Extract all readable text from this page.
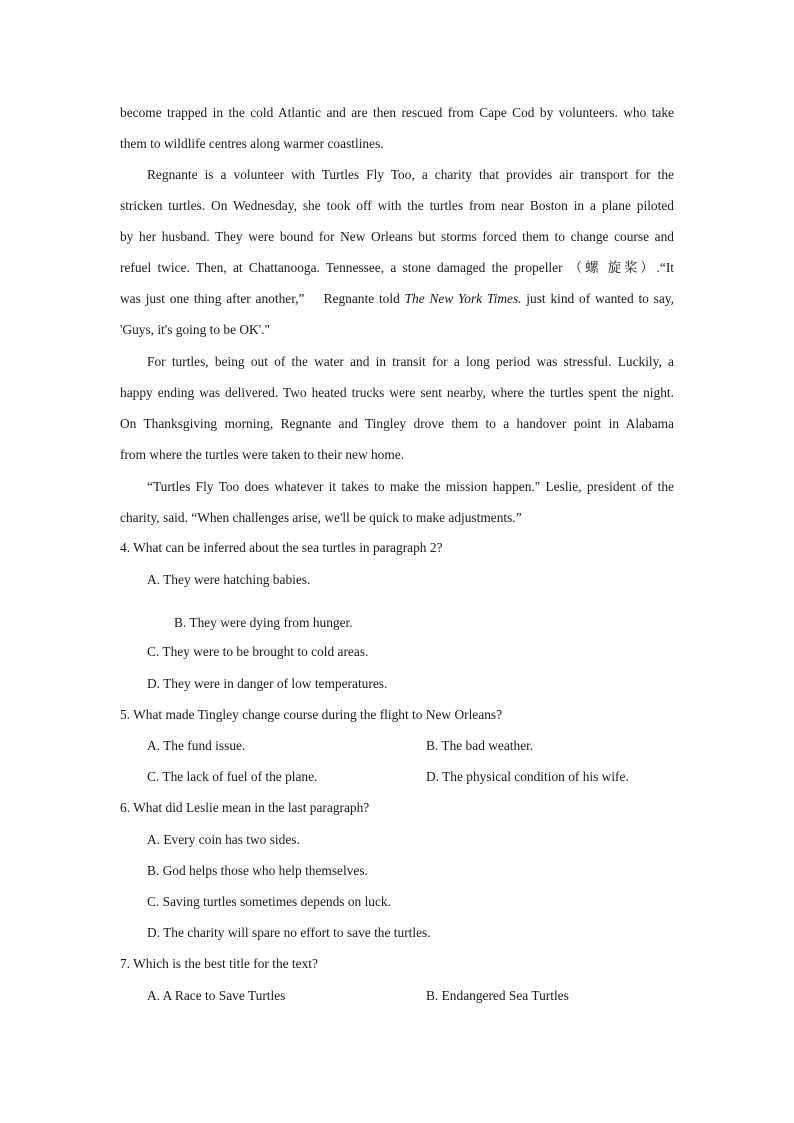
become trapped in the cold Atlantic and are then rescued from Cape Cod by volunteers. who take
them to wildlife centres along warmer coastlines.
Regnante is a volunteer with Turtles Fly Too, a charity that provides air transport for the
stricken turtles. On Wednesday, she took off with the turtles from near Boston in a plane piloted
by her husband. They were bound for New Orleans but storms forced them to change course and
refuel twice. Then, at Chattanooga. Tennessee, a stone damaged the propeller （螺 旋桨）.“It
was just one thing after another,”    Regnante told The New York Times. just kind of wanted to say,
'Guys, it's going to be OK'."
For turtles, being out of the water and in transit for a long period was stressful. Luckily, a
happy ending was delivered. Two heated trucks were sent nearby, where the turtles spent the night.
On Thanksgiving morning, Regnante and Tingley drove them to a handover point in Alabama
from where the turtles were taken to their new home.
“Turtles Fly Too does whatever it takes to make the mission happen." Leslie, president of the
charity, said. “When challenges arise, we'll be quick to make adjustments.”

4. What can be inferred about the sea turtles in paragraph 2?

A. They were hatching babies.

B. They were dying from hunger.

C. They were to be brought to cold areas.

D. They were in danger of low temperatures.

5. What made Tingley change course during the flight to New Orleans?

A. The fund issue.	B. The bad weather.

C. The lack of fuel of the plane.	D. The physical condition of his wife.

6. What did Leslie mean in the last paragraph?

A. Every coin has two sides.

B. God helps those who help themselves.

C. Saving turtles sometimes depends on luck.

D. The charity will spare no effort to save the turtles.

7. Which is the best title for the text?

A. A Race to Save Turtles	B. Endangered Sea Turtles
